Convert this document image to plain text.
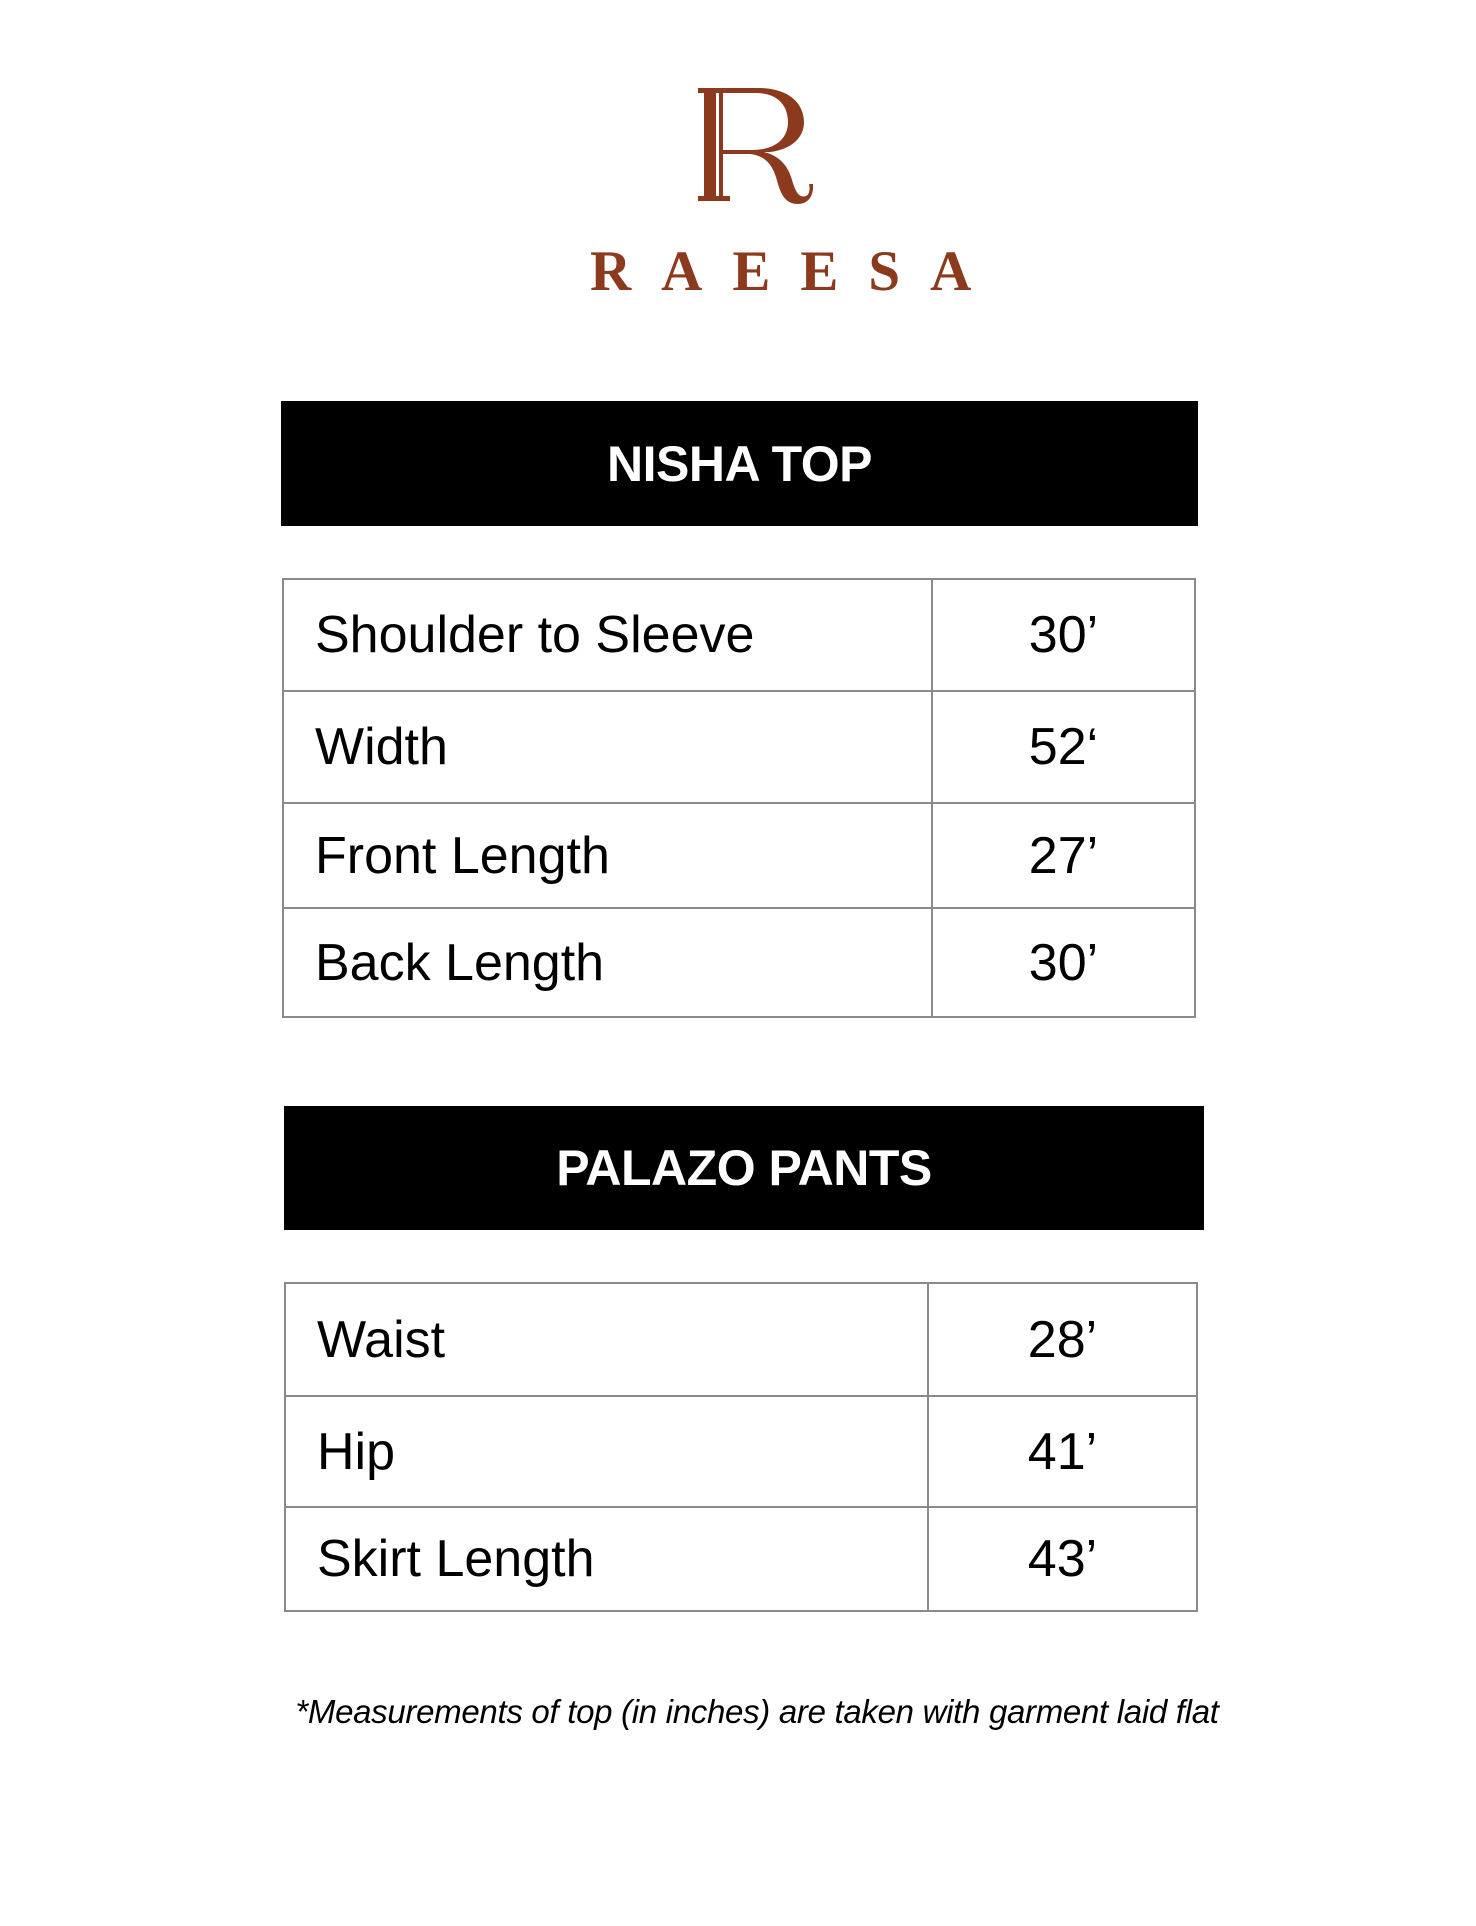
RAEESA
NISHA TOP
Shoulder to Sleeve	30’
Width	52‘
Front Length	27’
Back Length	30’
PALAZO PANTS
Waist	28’
Hip	41’
Skirt Length	43’
*Measurements of top (in inches) are taken with garment laid flat
